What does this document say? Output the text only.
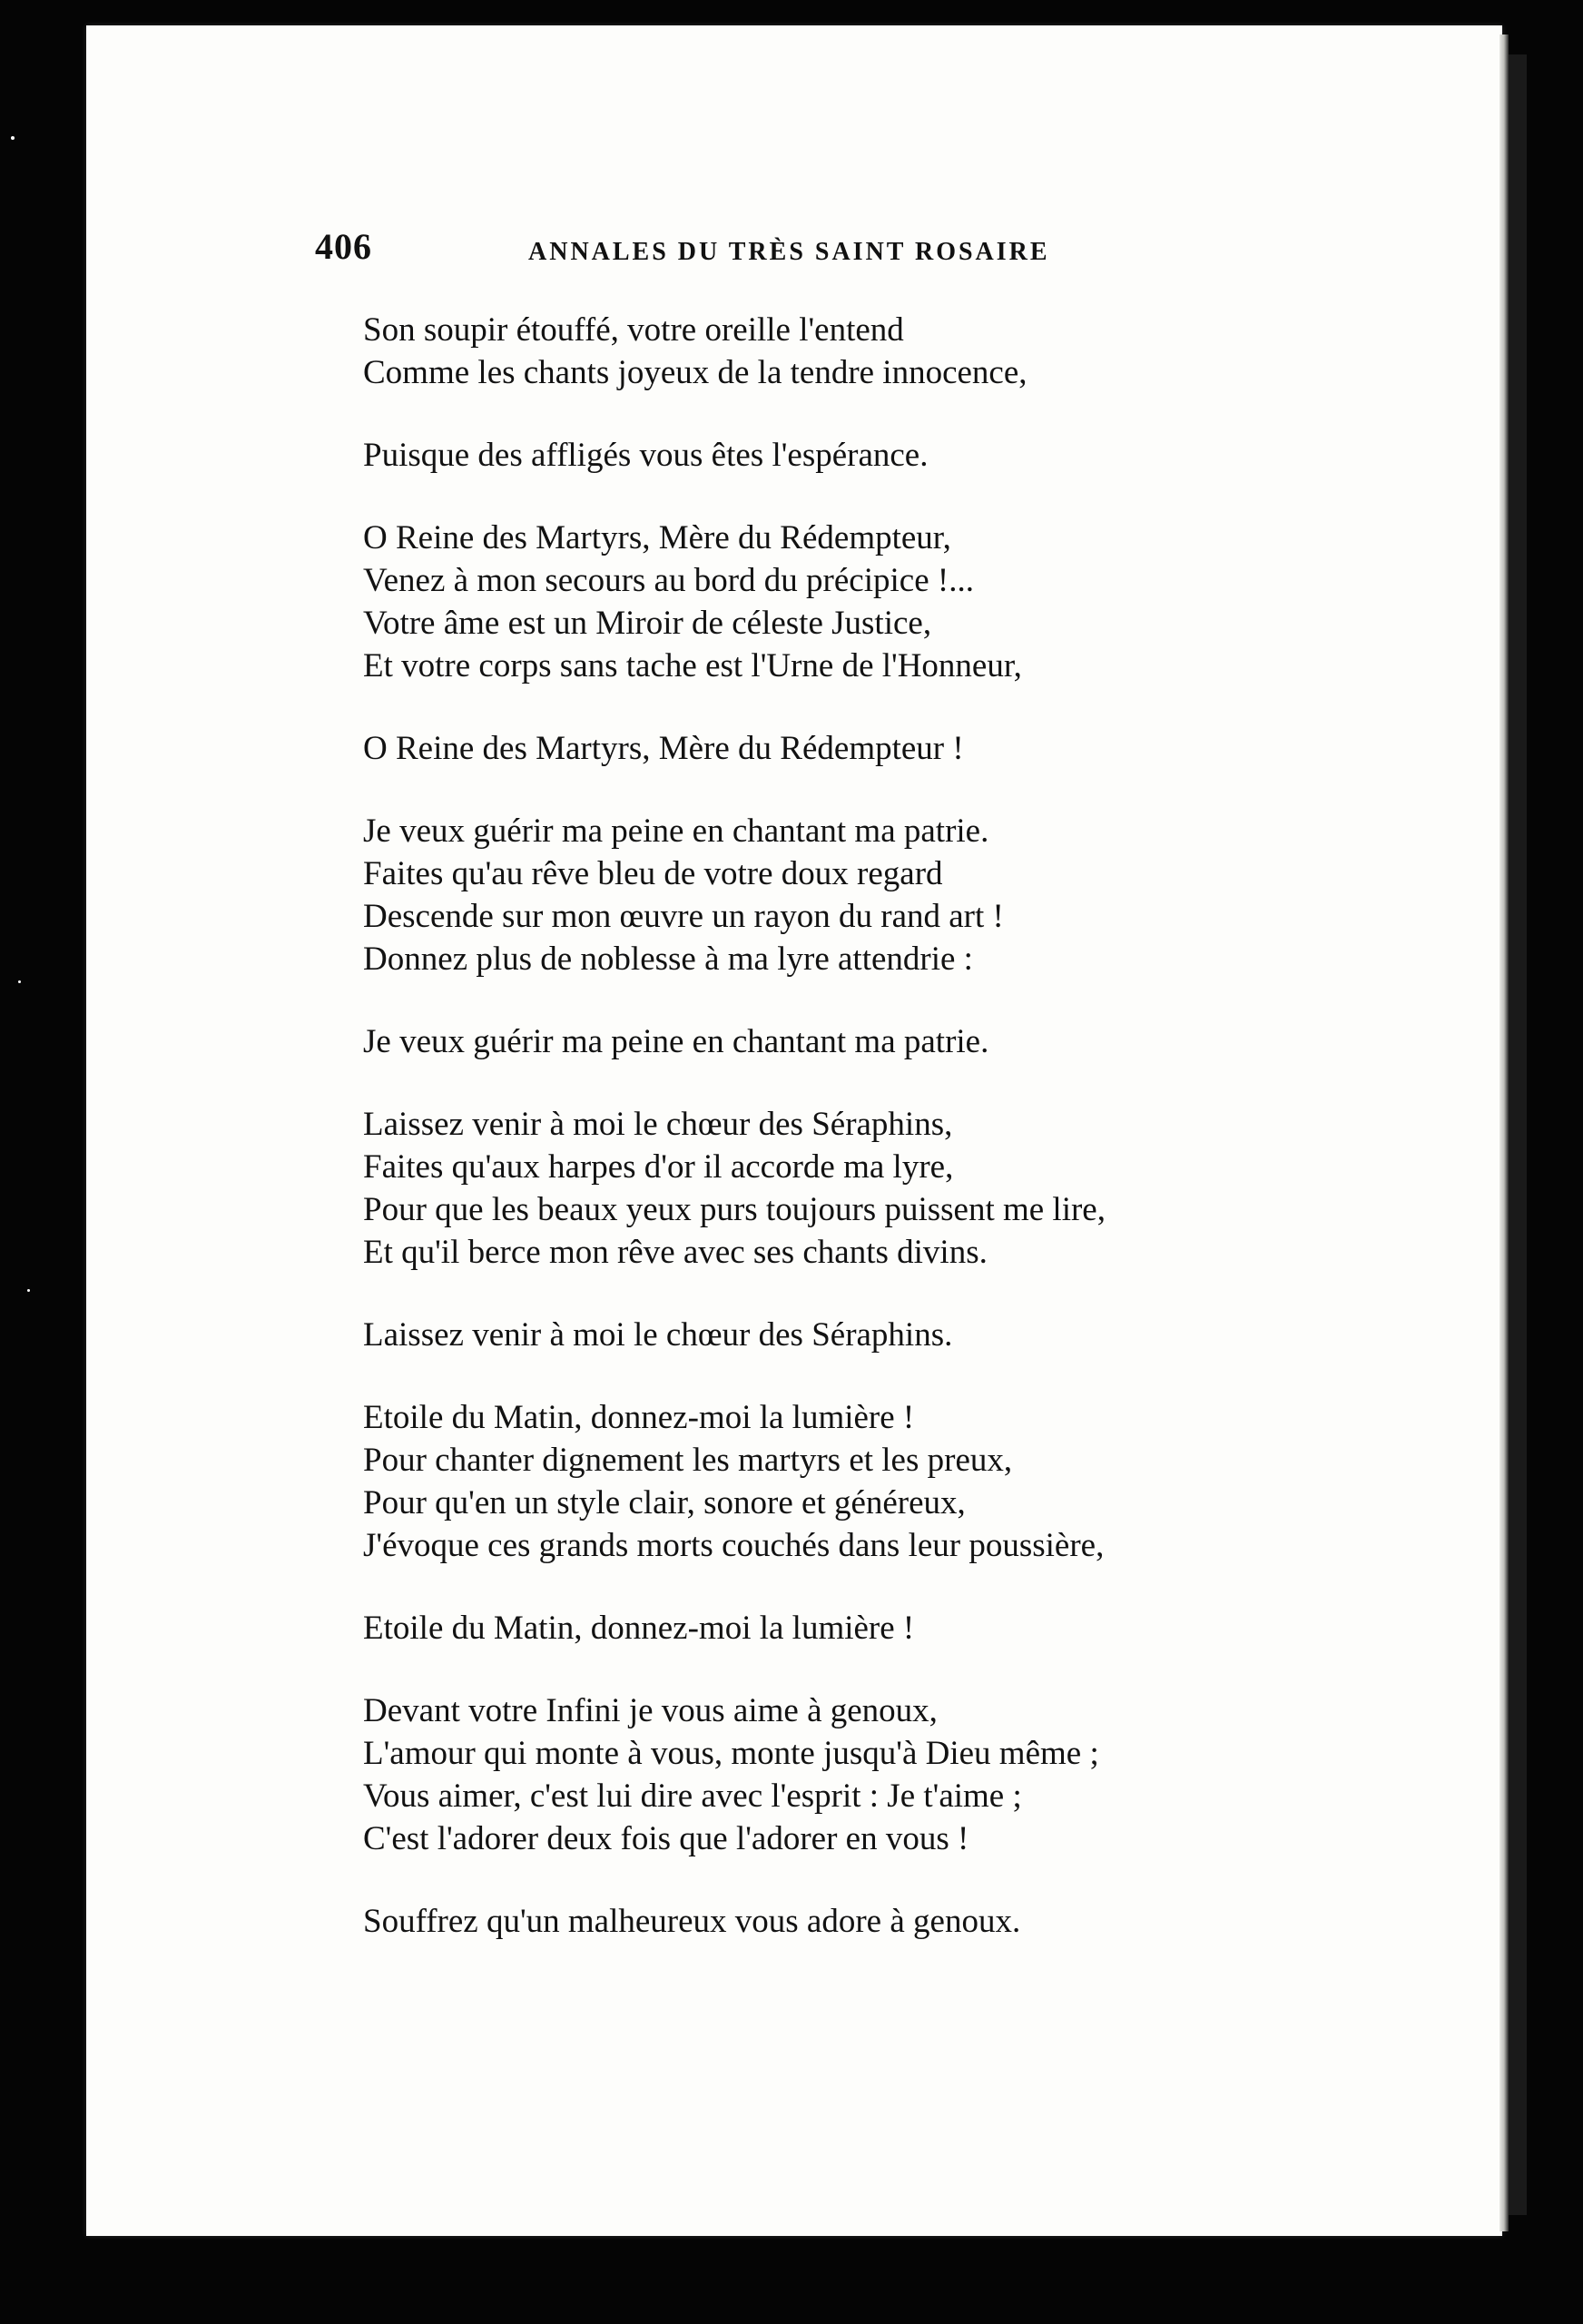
406	ANNALES DU TRÈS SAINT ROSAIRE
Son soupir étouffé, votre oreille l'entend
Comme les chants joyeux de la tendre innocence,
Puisque des affligés vous êtes l'espérance.
O Reine des Martyrs, Mère du Rédempteur,
Venez à mon secours au bord du précipice !...
Votre âme est un Miroir de céleste Justice,
Et votre corps sans tache est l'Urne de l'Honneur,
O Reine des Martyrs, Mère du Rédempteur !
Je veux guérir ma peine en chantant ma patrie.
Faites qu'au rêve bleu de votre doux regard
Descende sur mon œuvre un rayon du rand art !
Donnez plus de noblesse à ma lyre attendrie :
Je veux guérir ma peine en chantant ma patrie.
Laissez venir à moi le chœur des Séraphins,
Faites qu'aux harpes d'or il accorde ma lyre,
Pour que les beaux yeux purs toujours puissent me lire,
Et qu'il berce mon rêve avec ses chants divins.
Laissez venir à moi le chœur des Séraphins.
Etoile du Matin, donnez-moi la lumière !
Pour chanter dignement les martyrs et les preux,
Pour qu'en un style clair, sonore et généreux,
J'évoque ces grands morts couchés dans leur poussière,
Etoile du Matin, donnez-moi la lumière !
Devant votre Infini je vous aime à genoux,
L'amour qui monte à vous, monte jusqu'à Dieu même ;
Vous aimer, c'est lui dire avec l'esprit : Je t'aime ;
C'est l'adorer deux fois que l'adorer en vous !
Souffrez qu'un malheureux vous adore à genoux.
